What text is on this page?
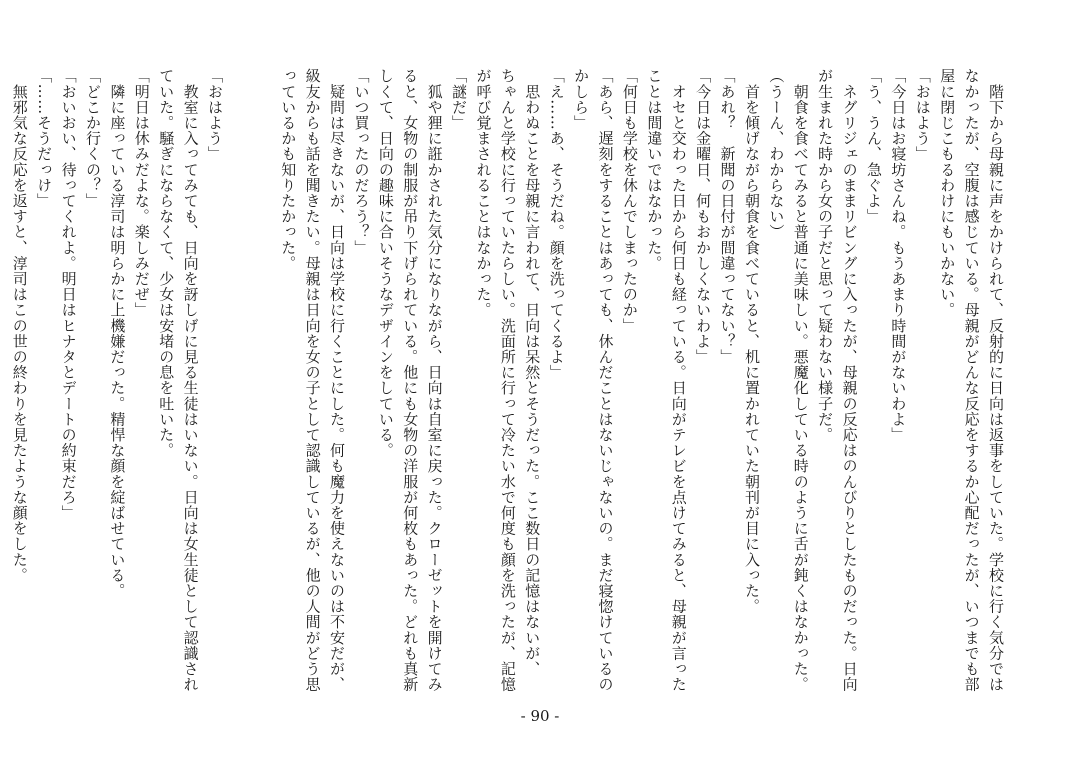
　階下から母親に声をかけられて、反射的に日向は返事をしていた。学校に行く気分では
なかったが、空腹は感じている。母親がどんな反応をするか心配だったが、いつまでも部
屋に閉じこもるわけにもいかない。
「おはよう」
「今日はお寝坊さんね。もうあまり時間がないわよ」
「う、うん、急ぐよ」
　ネグリジェのままリビングに入ったが、母親の反応はのんびりとしたものだった。日向
が生まれた時から女の子だと思って疑わない様子だ。
　朝食を食べてみると普通に美味しい。悪魔化している時のように舌が鈍くはなかった。
（うーん、わからない）
　首を傾げながら朝食を食べていると、机に置かれていた朝刊が目に入った。
「あれ？　新聞の日付が間違ってない？」
「今日は金曜日、何もおかしくないわよ」
　オセと交わった日から何日も経っている。日向がテレビを点けてみると、母親が言った
ことは間違いではなかった。
「何日も学校を休んでしまったのか」
「あら、遅刻をすることはあっても、休んだことはないじゃないの。まだ寝惚けているの
かしら」
「え……あ、そうだね。顔を洗ってくるよ」
　思わぬことを母親に言われて、日向は呆然とそうだった。ここ数日の記憶はないが、
ちゃんと学校に行っていたらしい。洗面所に行って冷たい水で何度も顔を洗ったが、記憶
が呼び覚まされることはなかった。
「謎だ」
　狐や狸に誑かされた気分になりながら、日向は自室に戻った。クローゼットを開けてみ
ると、女物の制服が吊り下げられている。他にも女物の洋服が何枚もあった。どれも真新
しくて、日向の趣味に合いそうなデザインをしている。
「いつ買ったのだろう？」
　疑問は尽きないが、日向は学校に行くことにした。何も魔力を使えないのは不安だが、
級友からも話を聞きたい。母親は日向を女の子として認識しているが、他の人間がどう思
っているかも知りたかった。

「おはよう」
　教室に入ってみても、日向を訝しげに見る生徒はいない。日向は女生徒として認識され
ていた。騒ぎにならなくて、少女は安堵の息を吐いた。
「明日は休みだよな。楽しみだぜ」
　隣に座っている淳司は明らかに上機嫌だった。精悍な顔を綻ばせている。
「どこか行くの？」
「おいおい、待ってくれよ。明日はヒナタとデートの約束だろ」
「……そうだっけ」
　無邪気な反応を返すと、淳司はこの世の終わりを見たような顔をした。
- 90 -
